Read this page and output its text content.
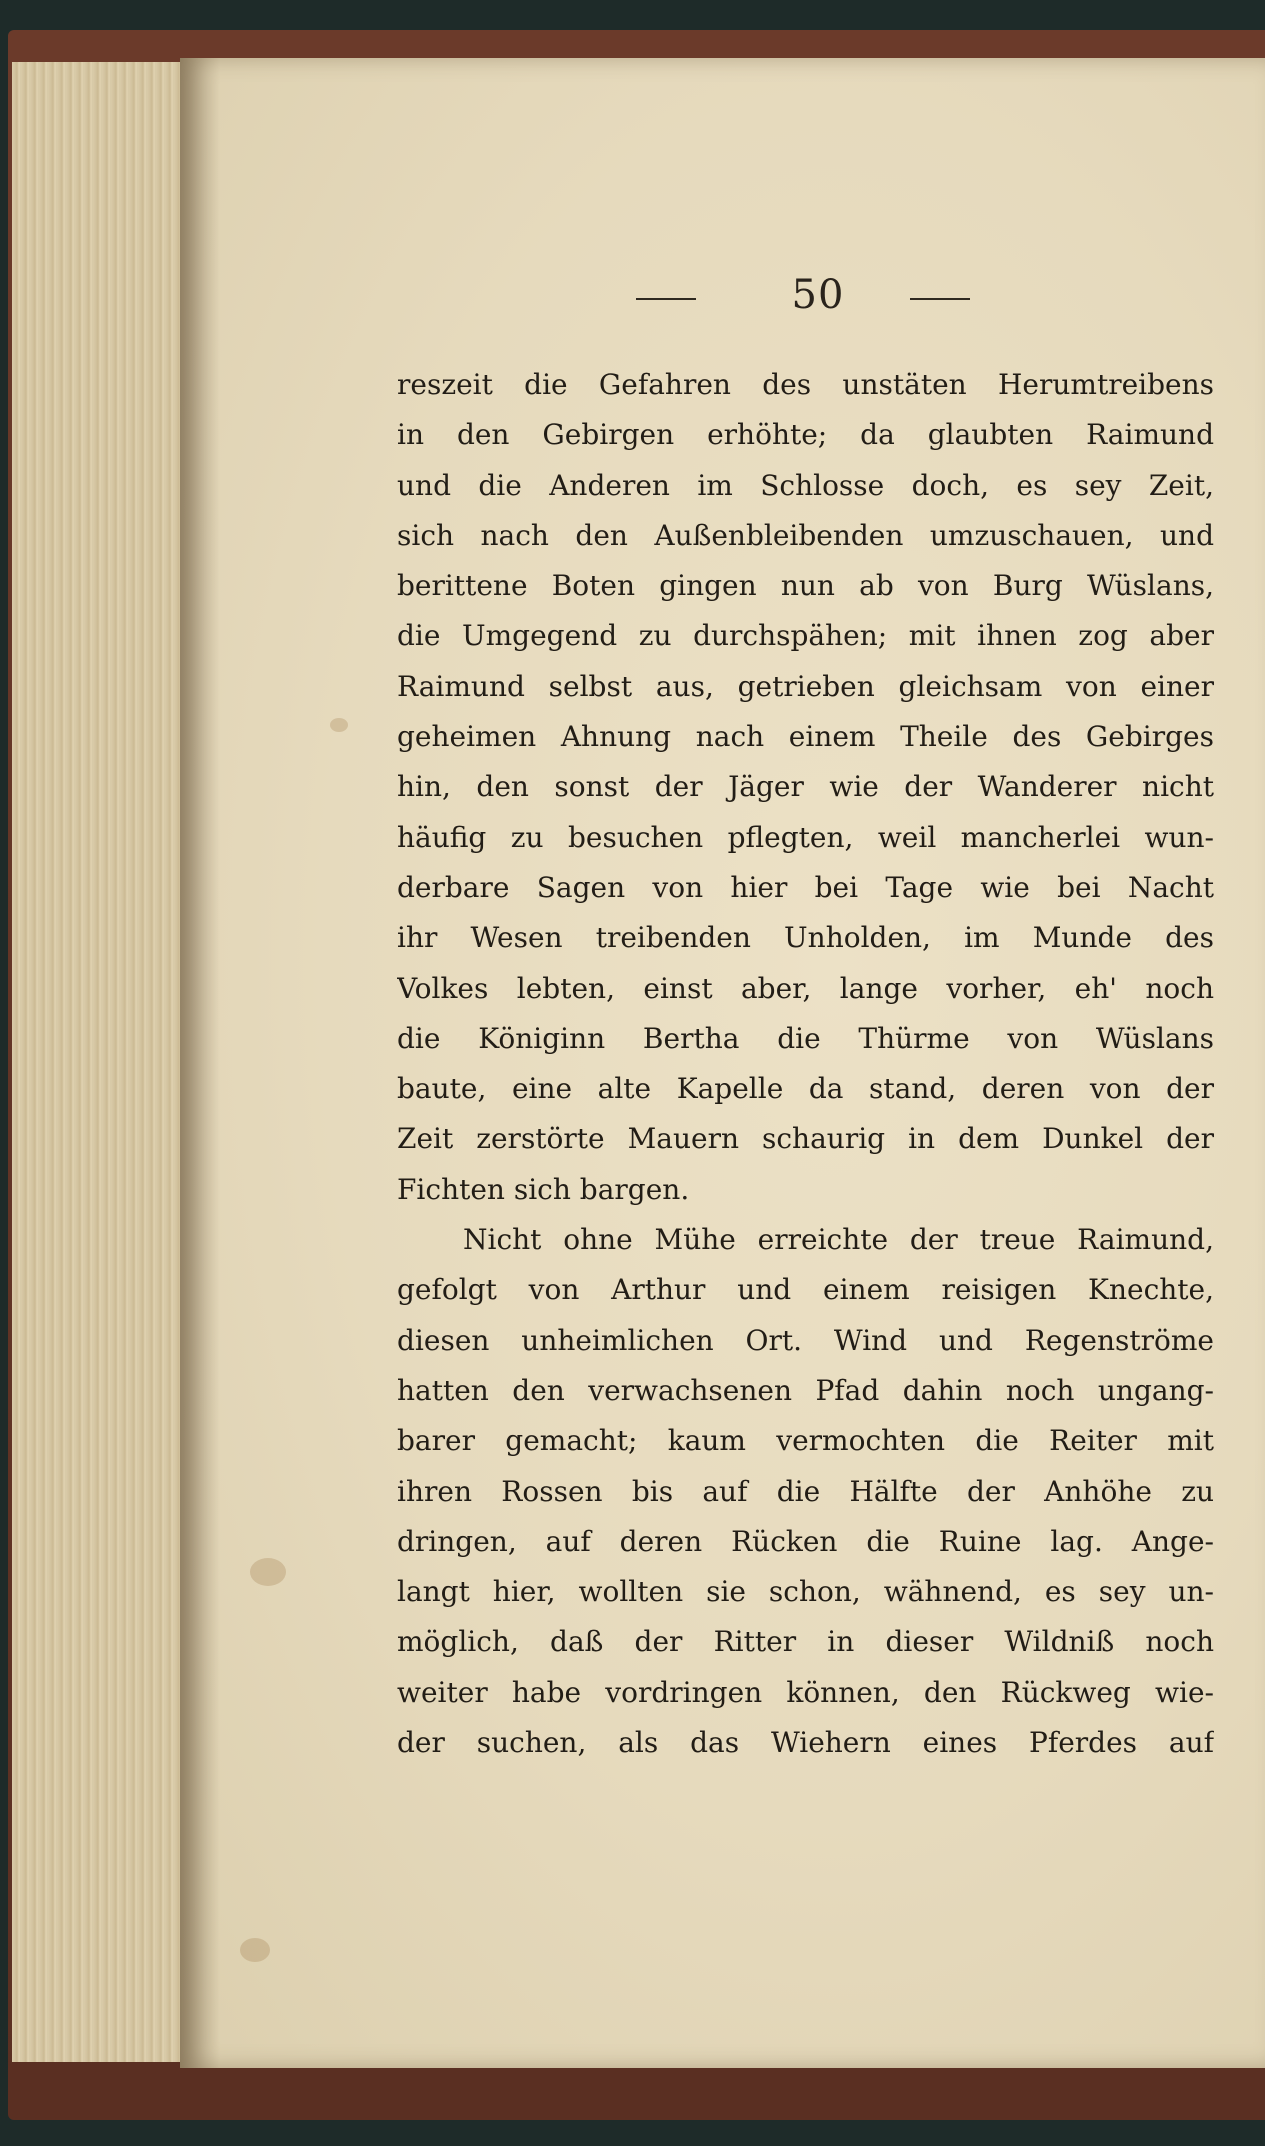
50
reszeit die Gefahren des unstäten Herumtreibens
in den Gebirgen erhöhte; da glaubten Raimund
und die Anderen im Schlosse doch, es sey Zeit,
sich nach den Außenbleibenden umzuschauen, und
berittene Boten gingen nun ab von Burg Wüslans,
die Umgegend zu durchspähen; mit ihnen zog aber
Raimund selbst aus, getrieben gleichsam von einer
geheimen Ahnung nach einem Theile des Gebirges
hin, den sonst der Jäger wie der Wanderer nicht
häufig zu besuchen pflegten, weil mancherlei wun-
derbare Sagen von hier bei Tage wie bei Nacht
ihr Wesen treibenden Unholden, im Munde des
Volkes lebten, einst aber, lange vorher, eh' noch
die Königinn Bertha die Thürme von Wüslans
baute, eine alte Kapelle da stand, deren von der
Zeit zerstörte Mauern schaurig in dem Dunkel der
Fichten sich bargen.
Nicht ohne Mühe erreichte der treue Raimund,
gefolgt von Arthur und einem reisigen Knechte,
diesen unheimlichen Ort. Wind und Regenströme
hatten den verwachsenen Pfad dahin noch ungang-
barer gemacht; kaum vermochten die Reiter mit
ihren Rossen bis auf die Hälfte der Anhöhe zu
dringen, auf deren Rücken die Ruine lag. Ange-
langt hier, wollten sie schon, wähnend, es sey un-
möglich, daß der Ritter in dieser Wildniß noch
weiter habe vordringen können, den Rückweg wie-
der suchen, als das Wiehern eines Pferdes auf
